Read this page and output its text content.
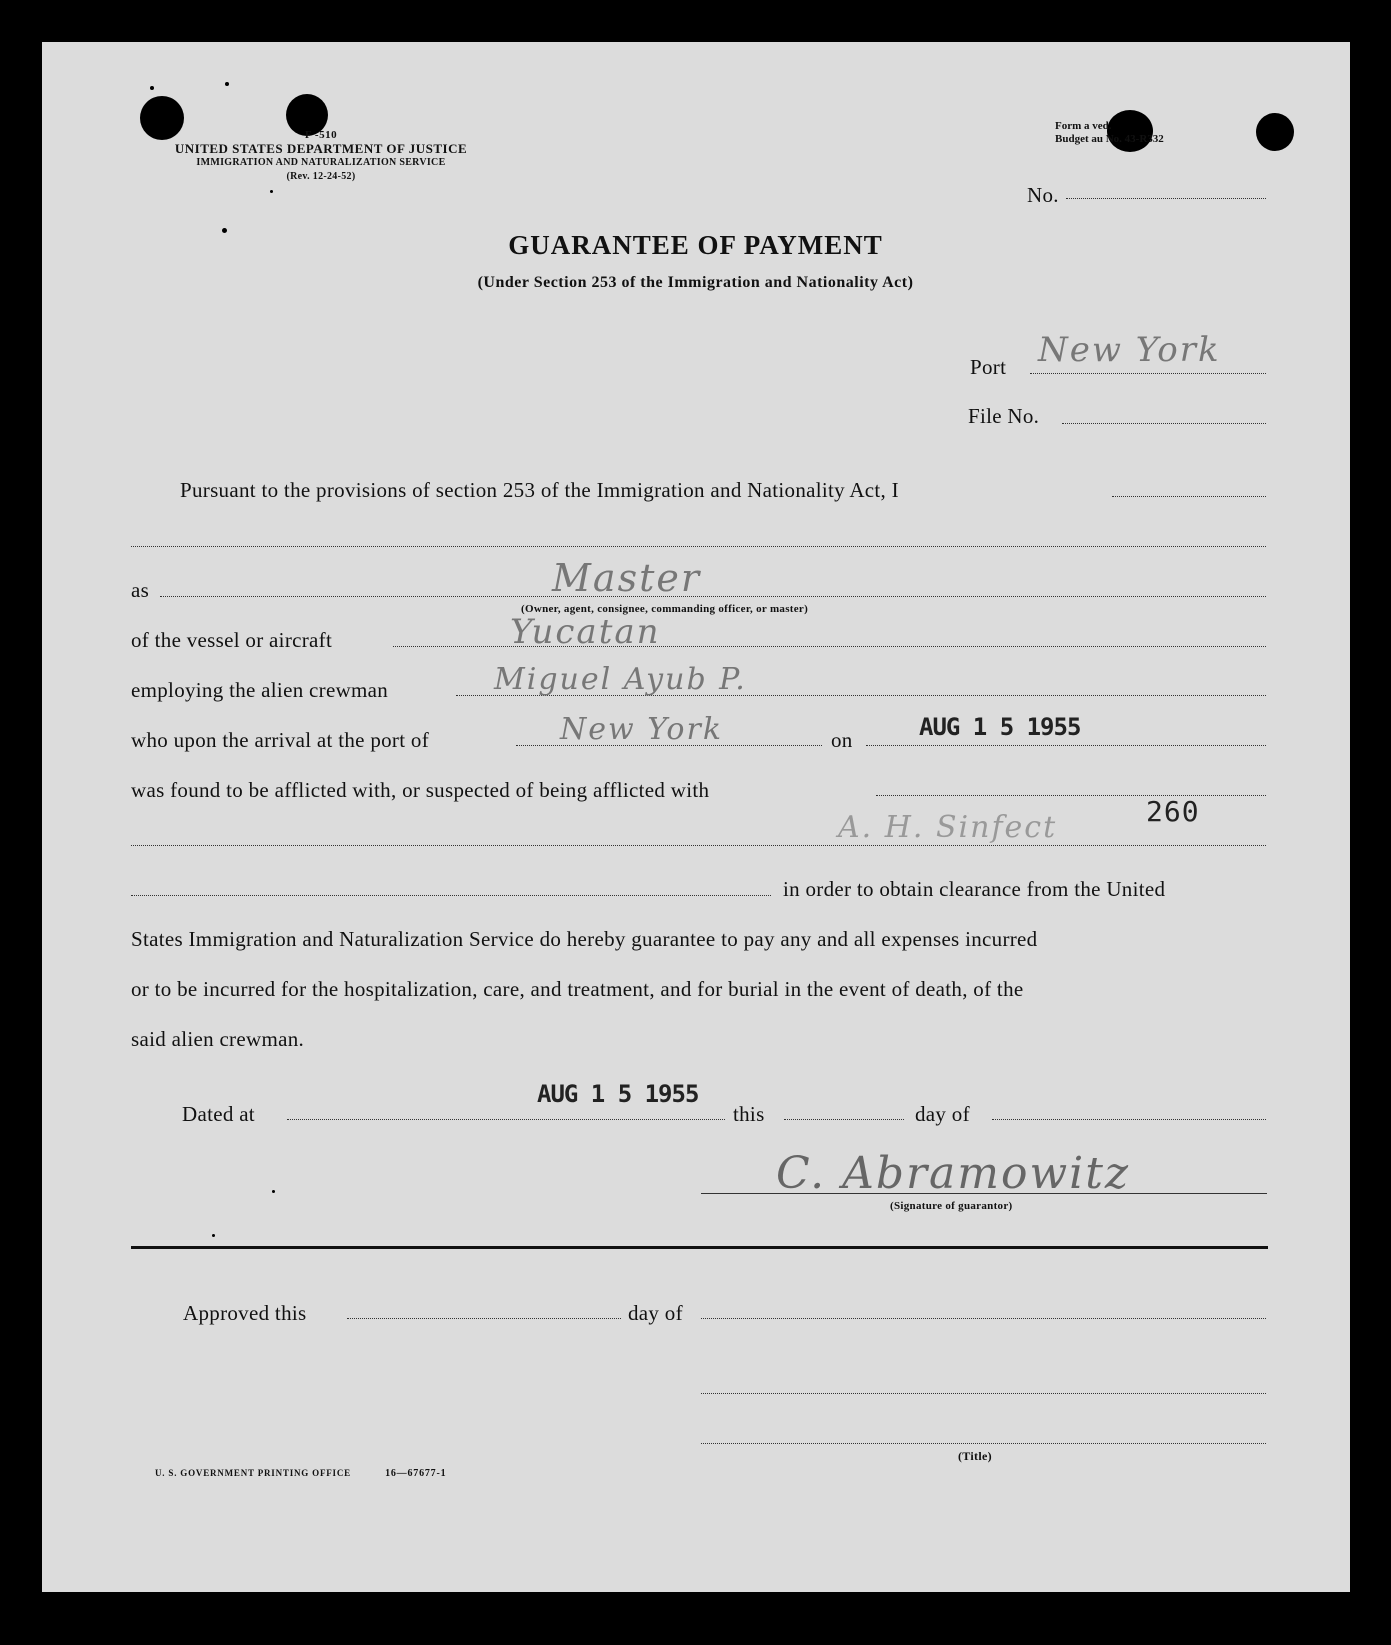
F -510
UNITED STATES DEPARTMENT OF JUSTICE
IMMIGRATION AND NATURALIZATION SERVICE
(Rev. 12-24-52)
Form a ved.
Budget au No. 43-R332
No.
GUARANTEE OF PAYMENT
(Under Section 253 of the Immigration and Nationality Act)
Port New York
File No.
Pursuant to the provisions of section 253 of the Immigration and Nationality Act, I
as	Master
(Owner, agent, consignee, commanding officer, or master)
of the vessel or aircraft	Yucatan
employing the alien crewman	Miguel Ayub P.
who upon the arrival at the port of	New York	on	AUG 1 5 1955
was found to be afflicted with, or suspected of being afflicted with
A. H. Sinfect	260
in order to obtain clearance from the United
States Immigration and Naturalization Service do hereby guarantee to pay any and all expenses incurred
or to be incurred for the hospitalization, care, and treatment, and for burial in the event of death, of the
said alien crewman.
Dated at
AUG 1 5 1955
this	day of
C. Abramowitz
(Signature of guarantor)
Approved this	day of
(Title)
U. S. GOVERNMENT PRINTING OFFICE	16—67677-1
